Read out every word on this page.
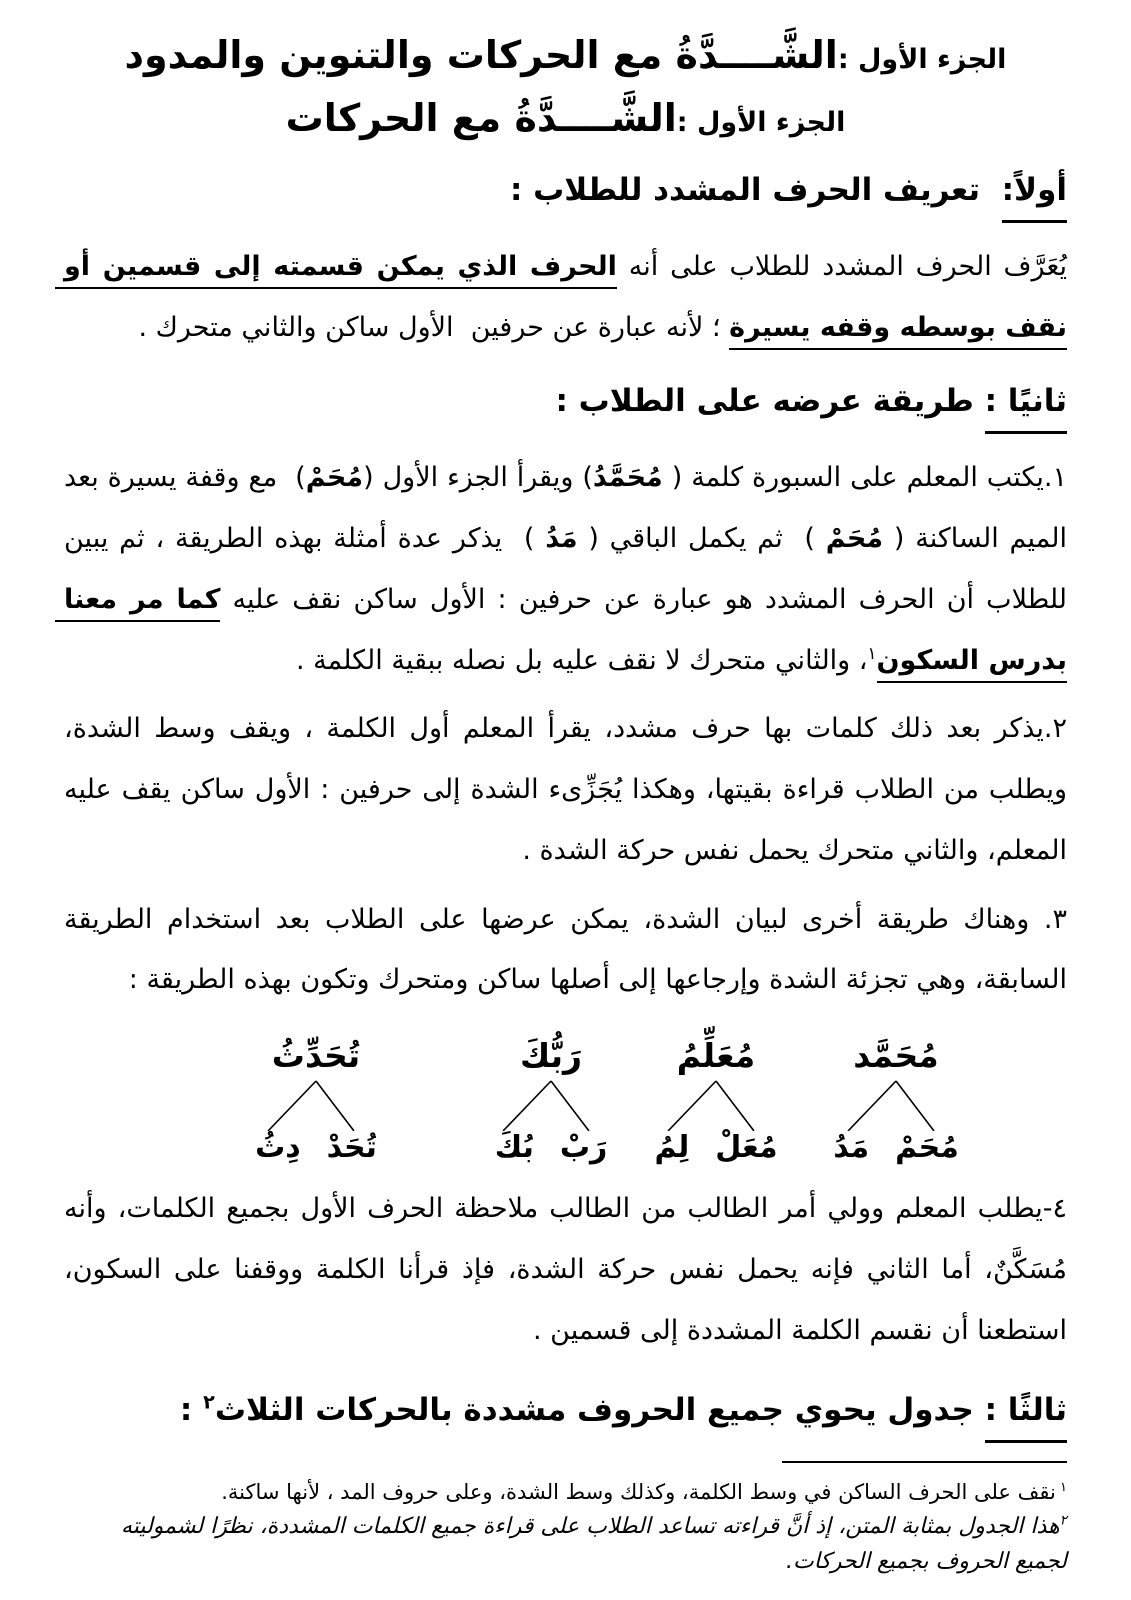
الجزء الأول :الشَّــــدَّةُ مع الحركات والتنوين والمدود
الجزء الأول :الشَّــــدَّةُ مع الحركات
أولاً:  تعريف الحرف المشدد للطلاب :

يُعَرَّف الحرف المشدد للطلاب على أنه الحرف الذي يمكن قسمته إلى قسمين أو نقف بوسطه وقفه يسيرة ؛ لأنه عبارة عن حرفين  الأول ساكن والثاني متحرك .

ثانيًا : طريقة عرضه على الطلاب :

١.يكتب المعلم على السبورة كلمة ( مُحَمَّدُ) ويقرأ الجزء الأول (مُحَمْ)  مع وقفة يسيرة بعد الميم الساكنة ( مُحَمْ )  ثم يكمل الباقي ( مَدُ )  يذكر عدة أمثلة بهذه الطريقة ، ثم يبين للطلاب أن الحرف المشدد هو عبارة عن حرفين : الأول ساكن نقف عليه كما مر معنا بدرس السكون$^١$، والثاني متحرك لا نقف عليه بل نصله ببقية الكلمة .

٢.يذكر بعد ذلك كلمات بها حرف مشدد، يقرأ المعلم أول الكلمة ، ويقف وسط الشدة، ويطلب من الطلاب قراءة بقيتها، وهكذا يُجَزِّىء الشدة إلى حرفين : الأول ساكن يقف عليه المعلم، والثاني متحرك يحمل نفس حركة الشدة .

٣. وهناك طريقة أخرى لبيان الشدة، يمكن عرضها على الطلاب بعد استخدام الطريقة السابقة، وهي تجزئة الشدة وإرجاعها إلى أصلها ساكن ومتحرك وتكون بهذه الطريقة :

مُحَمَّد
مُحَمْ
مَدُ
مُعَلِّمُ
مُعَلْ
لِمُ
رَبُّكَ
رَبْ
بُكَ
تُحَدِّثُ
تُحَدْ
دِثُ

٤-يطلب المعلم وولي أمر الطالب من الطالب ملاحظة الحرف الأول بجميع الكلمات، وأنه مُسَكَّنٌ، أما الثاني فإنه يحمل نفس حركة الشدة، فإذ قرأنا الكلمة ووقفنا على السكون، استطعنا أن نقسم الكلمة المشددة إلى قسمين .

ثالثًا : جدول يحوي جميع الحروف مشددة بالحركات الثلاث$^٢$ :

$^١$ نقف على الحرف الساكن في وسط الكلمة، وكذلك وسط الشدة، وعلى حروف المد ، لأنها ساكنة.

$^٢$هذا الجدول بمثابة المتن، إذ أنَّ قراءته تساعد الطلاب على قراءة جميع الكلمات المشددة، نظرًا لشموليته لجميع الحروف بجميع الحركات.
